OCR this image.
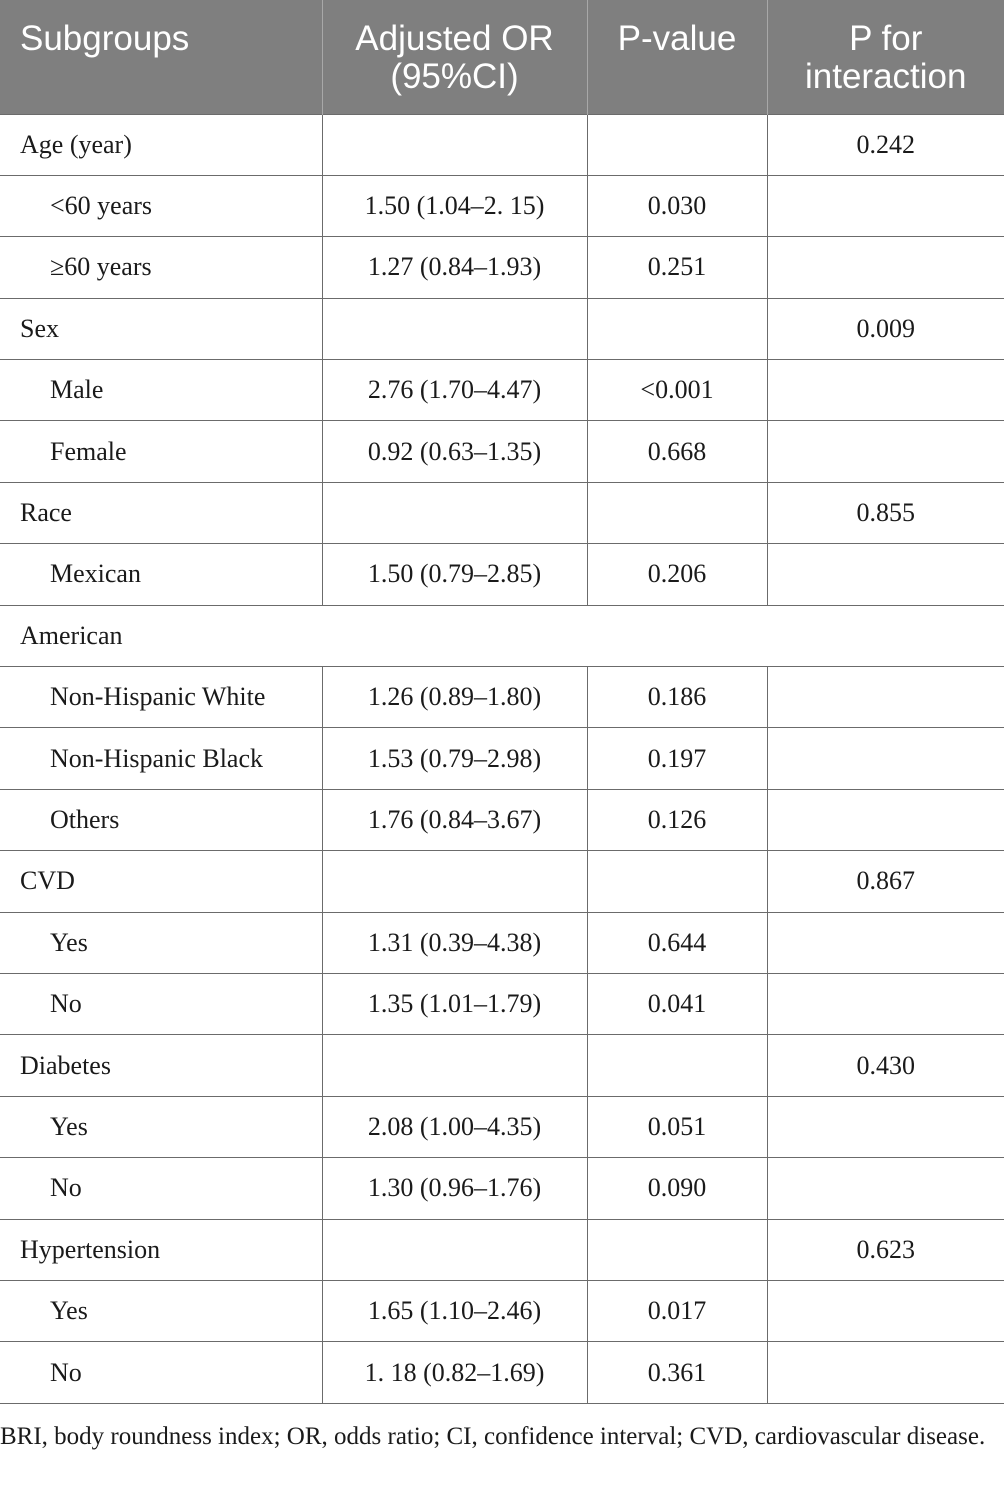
Subgroups	Adjusted OR (95%CI)	P-value	P for interaction
Age (year)			0.242
<60 years	1.50 (1.04–2. 15)	0.030	
≥60 years	1.27 (0.84–1.93)	0.251	
Sex			0.009
Male	2.76 (1.70–4.47)	<0.001	
Female	0.92 (0.63–1.35)	0.668	
Race			0.855
Mexican	1.50 (0.79–2.85)	0.206	
American			
Non-Hispanic White	1.26 (0.89–1.80)	0.186	
Non-Hispanic Black	1.53 (0.79–2.98)	0.197	
Others	1.76 (0.84–3.67)	0.126	
CVD			0.867
Yes	1.31 (0.39–4.38)	0.644	
No	1.35 (1.01–1.79)	0.041	
Diabetes			0.430
Yes	2.08 (1.00–4.35)	0.051	
No	1.30 (0.96–1.76)	0.090	
Hypertension			0.623
Yes	1.65 (1.10–2.46)	0.017	
No	1. 18 (0.82–1.69)	0.361	
BRI, body roundness index; OR, odds ratio; CI, confidence interval; CVD, cardiovascular disease.
